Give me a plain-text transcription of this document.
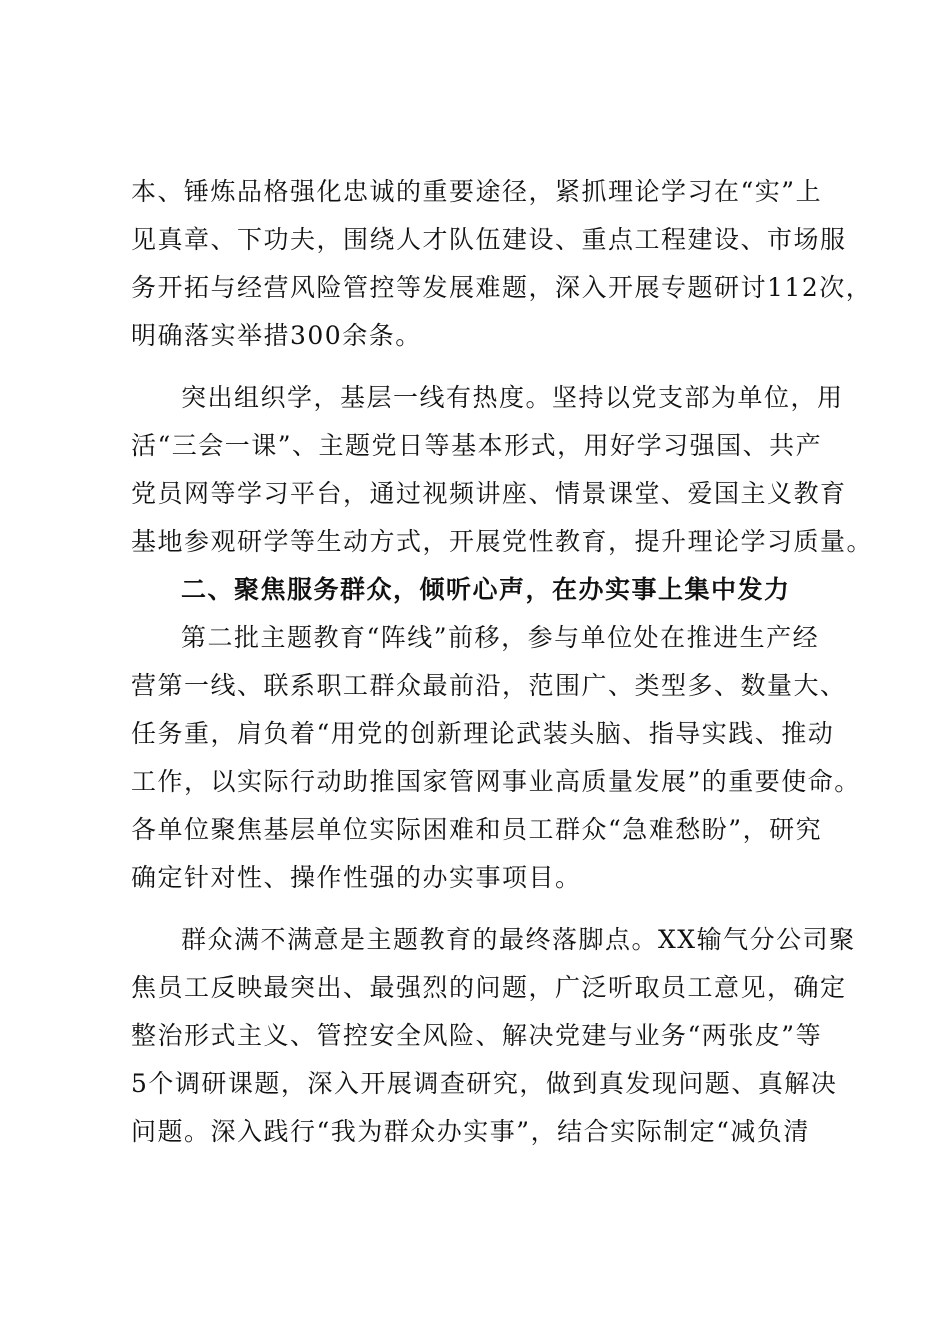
本、锤炼品格强化忠诚的重要途径，紧抓理论学习在“实”上
见真章、下功夫，围绕人才队伍建设、重点工程建设、市场服
务开拓与经营风险管控等发展难题，深入开展专题研讨112次，
明确落实举措300余条。
突出组织学，基层一线有热度。坚持以党支部为单位，用
活“三会一课”、主题党日等基本形式，用好学习强国、共产
党员网等学习平台，通过视频讲座、情景课堂、爱国主义教育
基地参观研学等生动方式，开展党性教育，提升理论学习质量。
二、聚焦服务群众，倾听心声，在办实事上集中发力
第二批主题教育“阵线”前移，参与单位处在推进生产经
营第一线、联系职工群众最前沿，范围广、类型多、数量大、
任务重，肩负着“用党的创新理论武装头脑、指导实践、推动
工作，以实际行动助推国家管网事业高质量发展”的重要使命。
各单位聚焦基层单位实际困难和员工群众“急难愁盼”，研究
确定针对性、操作性强的办实事项目。
群众满不满意是主题教育的最终落脚点。XX输气分公司聚
焦员工反映最突出、最强烈的问题，广泛听取员工意见，确定
整治形式主义、管控安全风险、解决党建与业务“两张皮”等
5个调研课题，深入开展调查研究，做到真发现问题、真解决
问题。深入践行“我为群众办实事”，结合实际制定“减负清
